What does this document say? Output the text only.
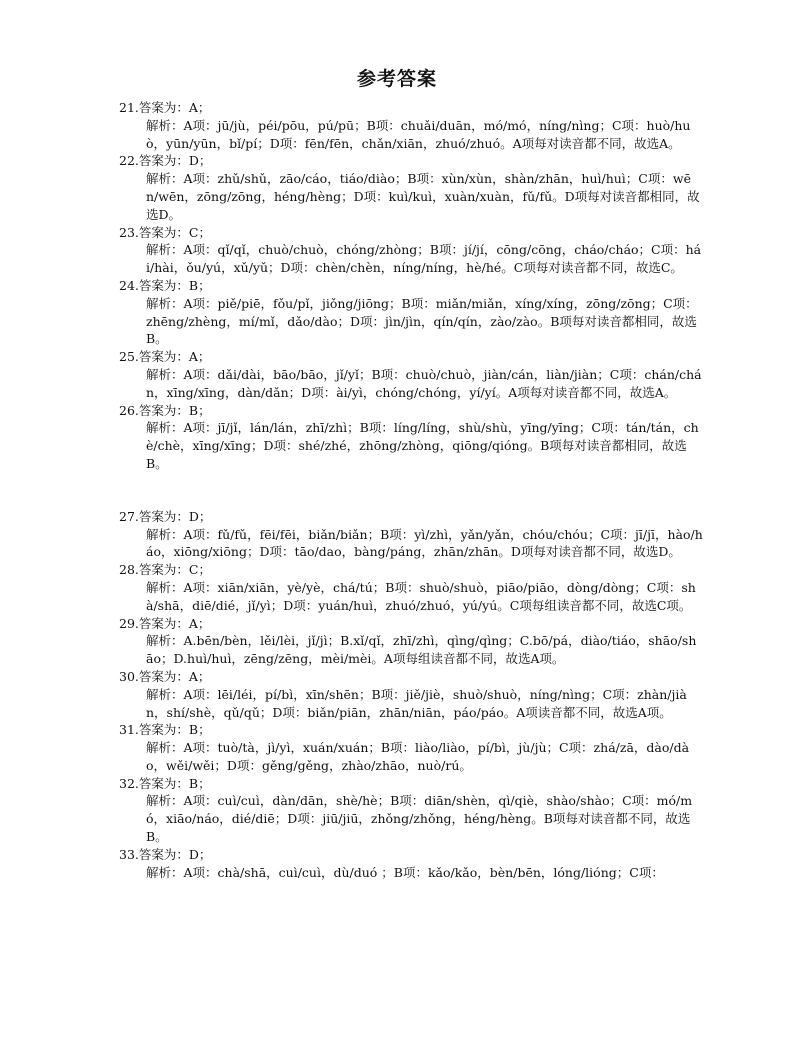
参考答案

21.答案为：A；

解析：A项：jū/jù，péi/pōu，pú/pū；B项：chuǎi/duān，mó/mó，níng/nìng；C项：huò/huò，yūn/yūn，bǐ/pí；D项：fēn/fēn，chǎn/xiān，zhuó/zhuó。A项每对读音都不同，故选A。

22.答案为：D；

解析：A项：zhǔ/shǔ，zāo/cáo，tiáo/diào；B项：xùn/xùn，shàn/zhān，huì/huì；C项：wēn/wēn，zōng/zōng，héng/hèng；D项：kuì/kuì，xuàn/xuàn，fǔ/fǔ。D项每对读音都相同，故选D。

23.答案为：C；

解析：A项：qǐ/qǐ，chuò/chuò，chóng/zhòng；B项：jí/jí，cōng/cōng，cháo/cháo；C项：hái/hài，ǒu/yú，xǔ/yǔ；D项：chèn/chèn，níng/níng，hè/hé。C项每对读音都不同，故选C。

24.答案为：B；

解析：A项：piě/piē，fǒu/pǐ，jiǒng/jiōng；B项：miǎn/miǎn，xíng/xíng，zōng/zōng；C项：zhēng/zhèng，mí/mǐ，dǎo/dào；D项：jìn/jìn，qín/qín，zào/zào。B项每对读音都相同，故选B。

25.答案为：A；

解析：A项：dǎi/dài，bāo/bāo，jǐ/yǐ；B项：chuò/chuò，jiàn/cán，liàn/jiàn；C项：chán/chán，xīng/xīng，dàn/dǎn；D项：ài/yì，chóng/chóng，yí/yí。A项每对读音都不同，故选A。

26.答案为：B；

解析：A项：jī/jǐ，lán/lán，zhī/zhì；B项：líng/líng，shù/shù，yīng/yīng；C项：tán/tán，chè/chè，xīng/xīng；D项：shé/zhé，zhōng/zhòng，qiōng/qióng。B项每对读音都相同，故选B。

27.答案为：D；

解析：A项：fǔ/fǔ，fēi/fēi，biǎn/biǎn；B项：yì/zhì，yǎn/yǎn，chóu/chóu；C项：jī/jī，hào/háo，xiōng/xiōng；D项：tāo/dao，bàng/páng，zhān/zhān。D项每对读音都不同，故选D。

28.答案为：C；

解析：A项：xiān/xiān，yè/yè，chá/tú；B项：shuò/shuò，piāo/piāo，dòng/dòng；C项：shà/shā，diē/dié，jǐ/yì；D项：yuán/huì，zhuó/zhuó，yú/yú。C项每组读音都不同，故选C项。

29.答案为：A；

解析：A.bēn/bèn，lěi/lèi，jǐ/jì；B.xǐ/qǐ，zhī/zhì，qìng/qìng；C.bō/pá，diào/tiáo，shāo/shāo；D.huì/huì，zēng/zēng，mèi/mèi。A项每组读音都不同，故选A项。

30.答案为：A；

解析：A项：lēi/léi，pí/bì，xīn/shēn；B项：jiě/jiè，shuò/shuò，níng/nìng；C项：zhàn/jiàn，shí/shè，qǔ/qǔ；D项：biǎn/piān，zhān/niān，páo/páo。A项读音都不同，故选A项。

31.答案为：B；

解析：A项：tuò/tà，jì/yì，xuán/xuán；B项：liào/liào，pí/bì，jù/jù；C项：zhá/zā，dào/dào，wěi/wěi；D项：gěng/gěng，zhào/zhāo，nuò/rú。

32.答案为：B；

解析：A项：cuì/cuì，dàn/dān，shè/hè；B项：diān/shèn，qì/qiè，shào/shào；C项：mó/mó，xiāo/náo，dié/diē；D项：jiū/jiū，zhǒng/zhǒng，héng/hèng。B项每对读音都不同，故选B。

33.答案为：D；

解析：A项：chà/shā，cuì/cuì，dù/duó ；B项：kǎo/kǎo，bèn/bēn，lóng/lióng；C项：
